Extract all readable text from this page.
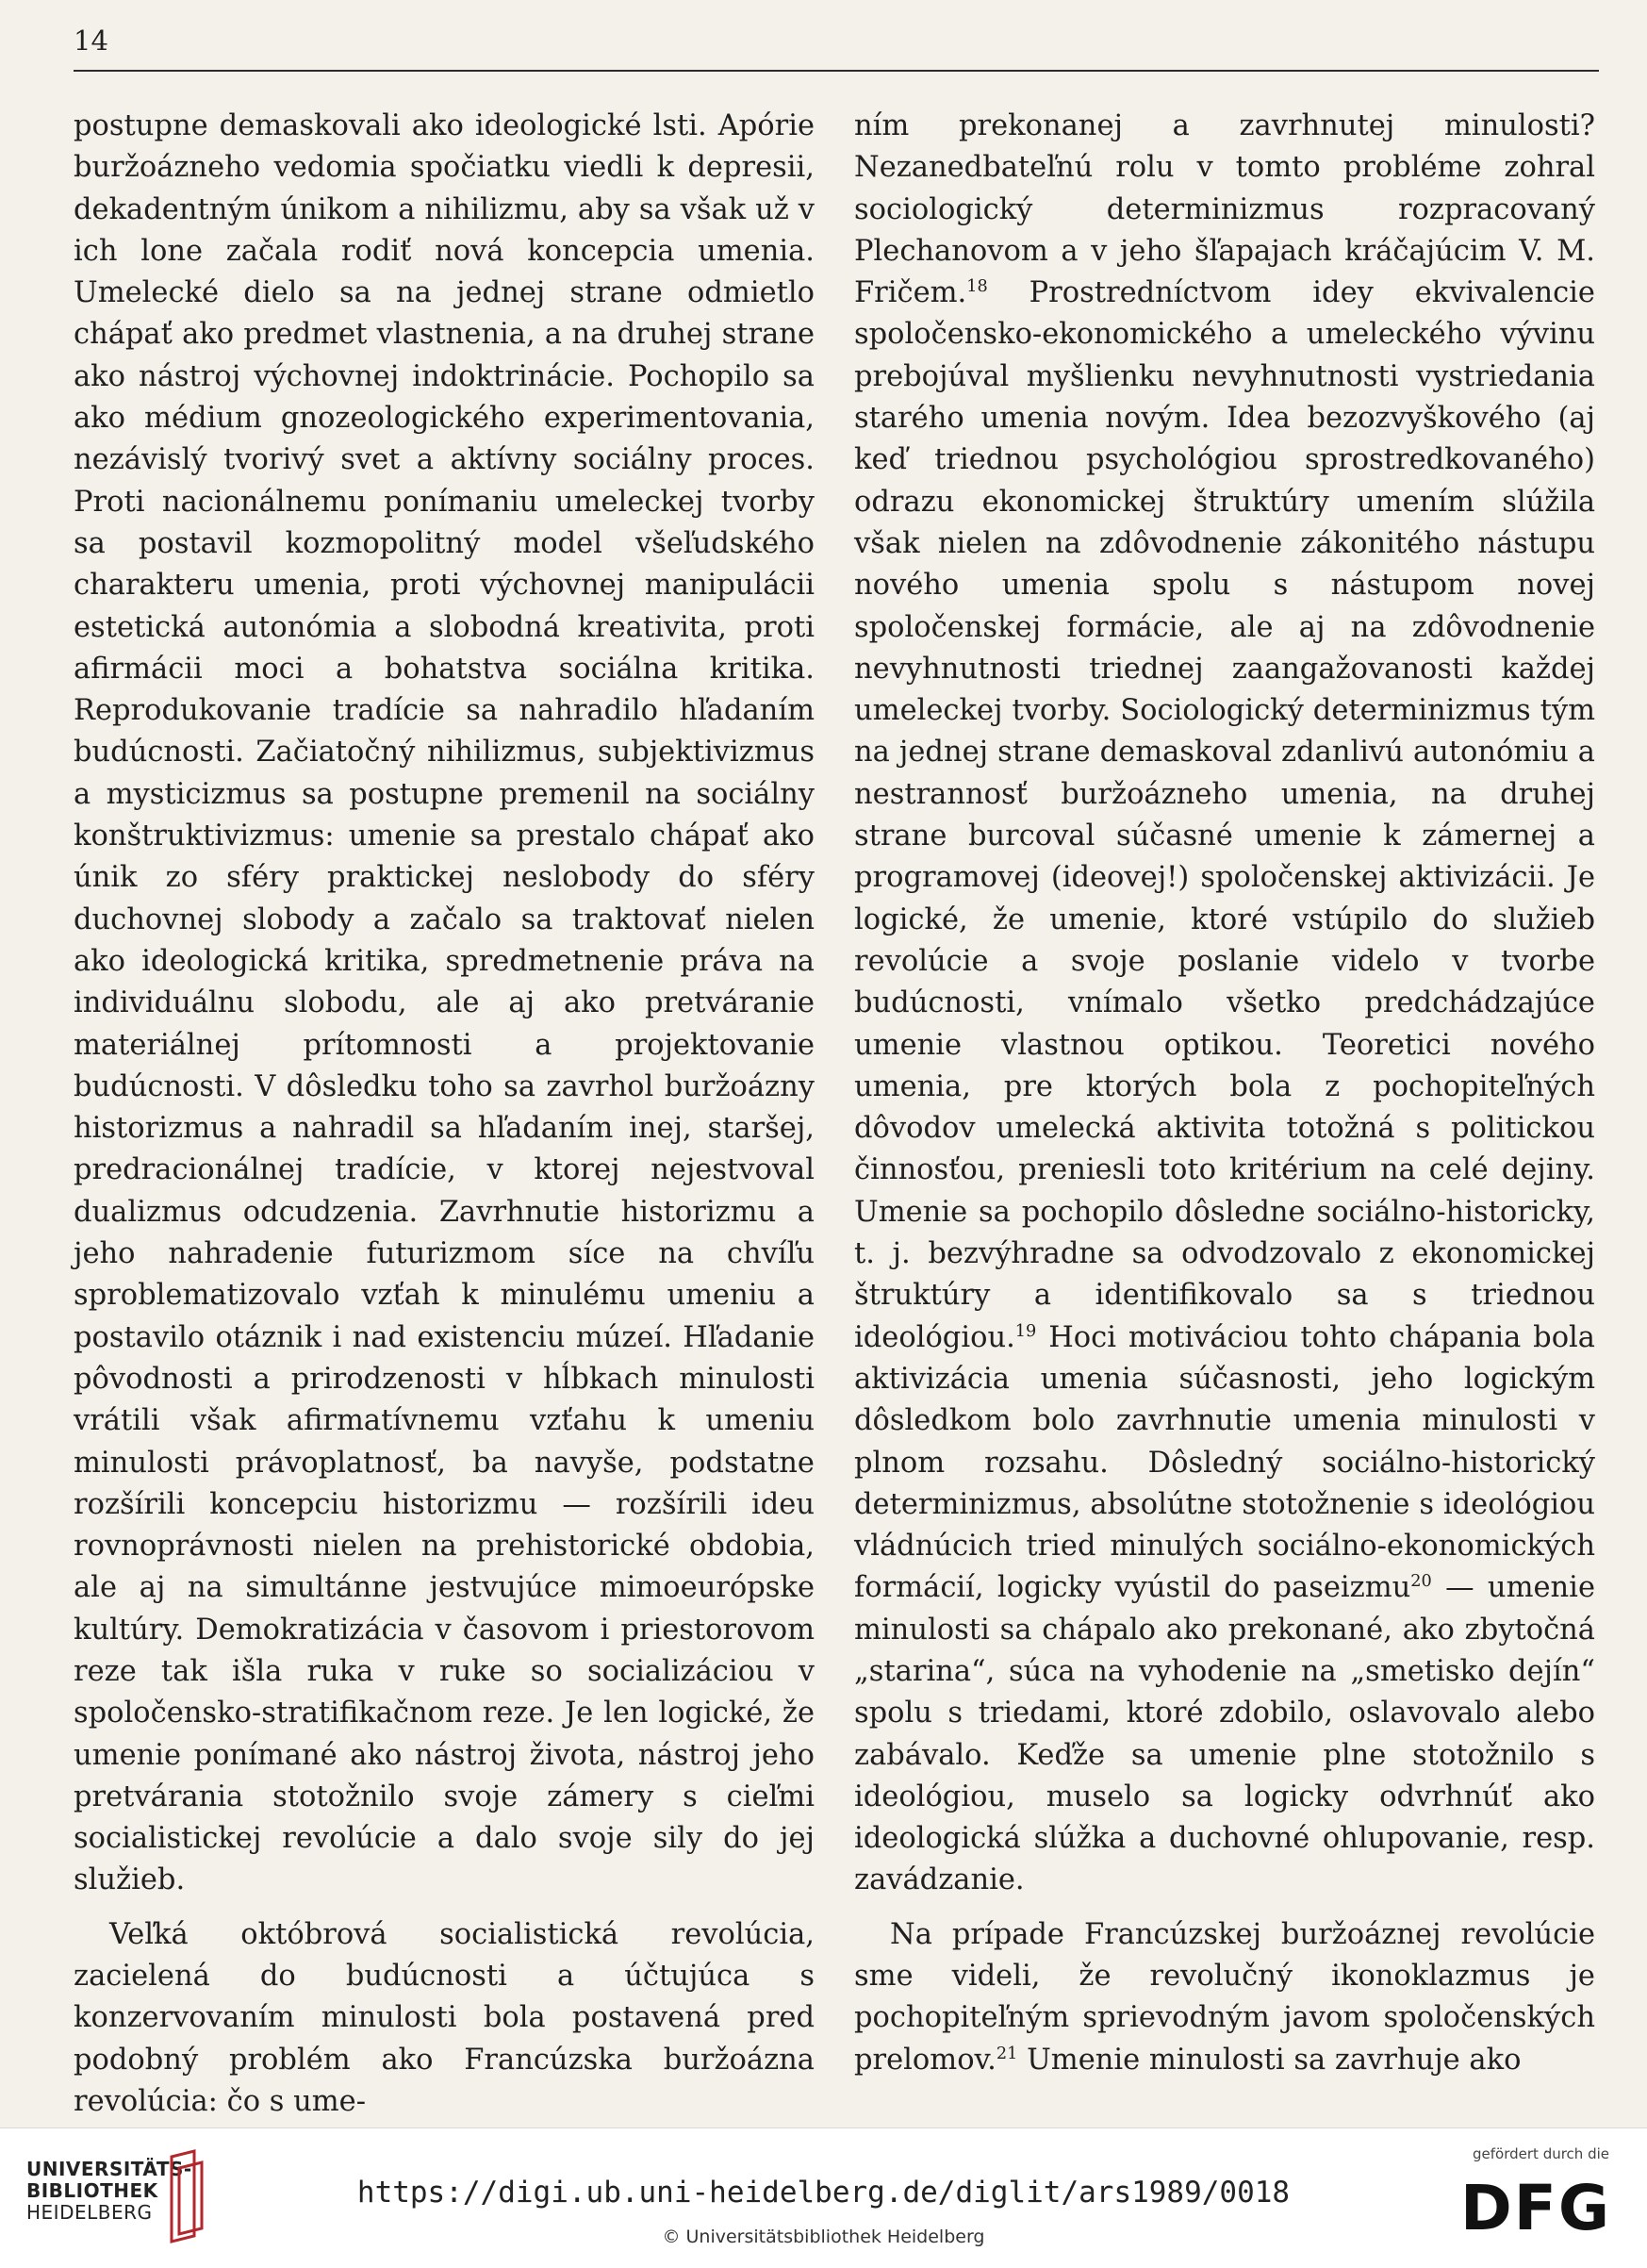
14

postupne demaskovali ako ideologické lsti. Apórie buržoázneho vedomia spočiatku viedli k depresii, dekadentným únikom a nihilizmu, aby sa však už v ich lone začala rodiť nová koncepcia umenia. Umelecké dielo sa na jednej strane odmietlo chápať ako predmet vlastnenia, a na druhej strane ako nástroj výchovnej indoktrinácie. Pochopilo sa ako médium gnozeologického experimentovania, nezávislý tvorivý svet a aktívny sociálny proces. Proti nacionálnemu ponímaniu umeleckej tvorby sa postavil kozmopolitný model všeľudského charakteru umenia, proti výchovnej manipulácii estetická autonómia a slobodná kreativita, proti afirmácii moci a bohatstva sociálna kritika. Reprodukovanie tradície sa nahradilo hľadaním budúcnosti. Začiatočný nihilizmus, subjektivizmus a mysticizmus sa postupne premenil na sociálny konštruktivizmus: umenie sa prestalo chápať ako únik zo sféry praktickej neslobody do sféry duchovnej slobody a začalo sa traktovať nielen ako ideologická kritika, spredmetnenie práva na individuálnu slobodu, ale aj ako pretváranie materiálnej prítomnosti a projektovanie budúcnosti. V dôsledku toho sa zavrhol buržoázny historizmus a nahradil sa hľadaním inej, staršej, predracionálnej tradície, v ktorej nejestvoval dualizmus odcudzenia. Zavrhnutie historizmu a jeho nahradenie futurizmom síce na chvíľu sproblematizovalo vzťah k minulému umeniu a postavilo otáznik i nad existenciu múzeí. Hľadanie pôvodnosti a prirodzenosti v hĺbkach minulosti vrátili však afirmatívnemu vzťahu k umeniu minulosti právoplatnosť, ba navyše, podstatne rozšírili koncepciu historizmu — rozšírili ideu rovnoprávnosti nielen na prehistorické obdobia, ale aj na simultánne jestvujúce mimoeurópske kultúry. Demokratizácia v časovom i priestorovom reze tak išla ruka v ruke so socializáciou v spoločensko-stratifikačnom reze. Je len logické, že umenie ponímané ako nástroj života, nástroj jeho pretvárania stotožnilo svoje zámery s cieľmi socialistickej revolúcie a dalo svoje sily do jej služieb.

Veľká októbrová socialistická revolúcia, zacielená do budúcnosti a účtujúca s konzervovaním minulosti bola postavená pred podobný problém ako Francúzska buržoázna revolúcia: čo s ume-

ním prekonanej a zavrhnutej minulosti? Nezanedbateľnú rolu v tomto probléme zohral sociologický determinizmus rozpracovaný Plechanovom a v jeho šľapajach kráčajúcim V. M. Fričem.$^{18}$ Prostredníctvom idey ekvivalencie spoločensko-ekonomického a umeleckého vývinu prebojúval myšlienku nevyhnutnosti vystriedania starého umenia novým. Idea bezozvyškového (aj keď triednou psychológiou sprostredkovaného) odrazu ekonomickej štruktúry umením slúžila však nielen na zdôvodnenie zákonitého nástupu nového umenia spolu s nástupom novej spoločenskej formácie, ale aj na zdôvodnenie nevyhnutnosti triednej zaangažovanosti každej umeleckej tvorby. Sociologický determinizmus tým na jednej strane demaskoval zdanlivú autonómiu a nestrannosť buržoázneho umenia, na druhej strane burcoval súčasné umenie k zámernej a programovej (ideovej!) spoločenskej aktivizácii. Je logické, že umenie, ktoré vstúpilo do služieb revolúcie a svoje poslanie videlo v tvorbe budúcnosti, vnímalo všetko predchádzajúce umenie vlastnou optikou. Teoretici nového umenia, pre ktorých bola z pochopiteľných dôvodov umelecká aktivita totožná s politickou činnosťou, preniesli toto kritérium na celé dejiny. Umenie sa pochopilo dôsledne sociálno-historicky, t. j. bezvýhradne sa odvodzovalo z ekonomickej štruktúry a identifikovalo sa s triednou ideológiou.$^{19}$ Hoci motiváciou tohto chápania bola aktivizácia umenia súčasnosti, jeho logickým dôsledkom bolo zavrhnutie umenia minulosti v plnom rozsahu. Dôsledný sociálno-historický determinizmus, absolútne stotožnenie s ideológiou vládnúcich tried minulých sociálno-ekonomických formácií, logicky vyústil do paseizmu$^{20}$ — umenie minulosti sa chápalo ako prekonané, ako zbytočná „starina“, súca na vyhodenie na „smetisko dejín“ spolu s triedami, ktoré zdobilo, oslavovalo alebo zabávalo. Keďže sa umenie plne stotožnilo s ideológiou, muselo sa logicky odvrhnúť ako ideologická slúžka a duchovné ohlupovanie, resp. zavádzanie.

Na prípade Francúzskej buržoáznej revolúcie sme videli, že revolučný ikonoklazmus je pochopiteľným sprievodným javom spoločenských prelomov.$^{21}$ Umenie minulosti sa zavrhuje ako

UNIVERSITÄTS-
BIBLIOTHEK
HEIDELBERG
https://digi.ub.uni-heidelberg.de/diglit/ars1989/0018
© Universitätsbibliothek Heidelberg
gefördert durch die
DFG
